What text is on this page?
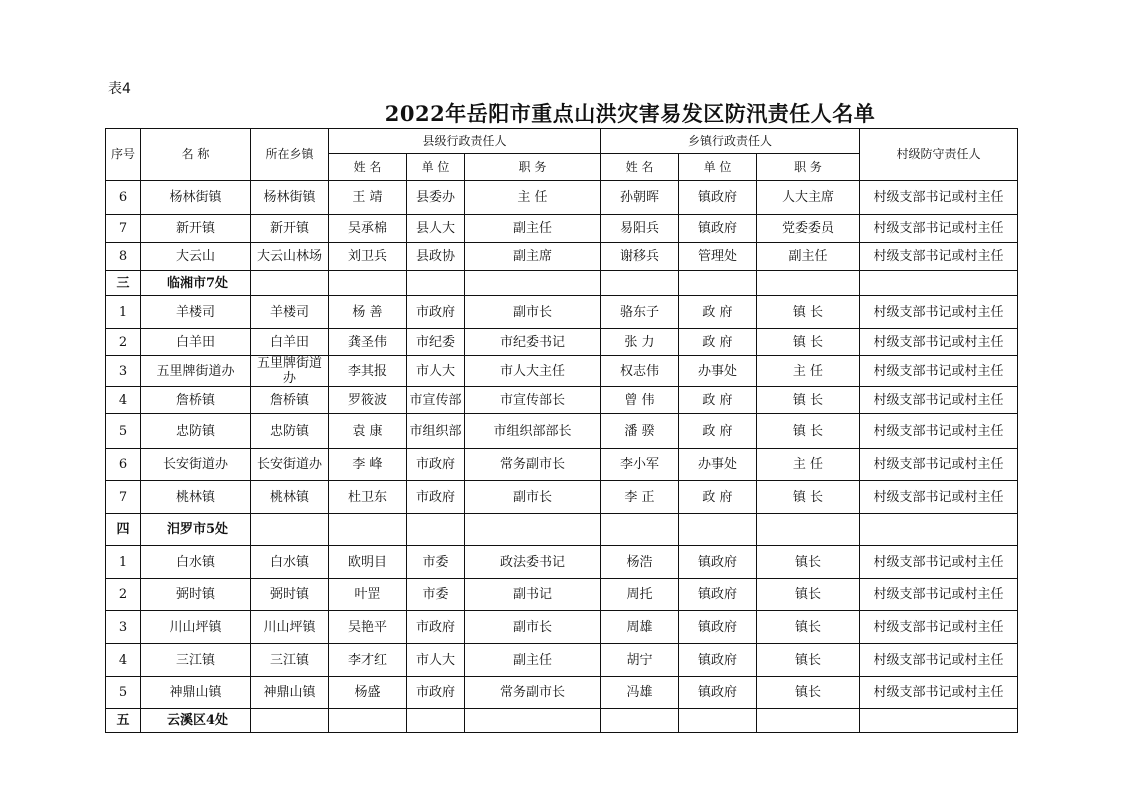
表4
2022年岳阳市重点山洪灾害易发区防汛责任人名单
序号	名 称	所在乡镇	县级行政责任人			乡镇行政责任人			村级防守责任人
			姓 名	单 位	职 务	姓 名	单 位	职 务	
6	杨林街镇	杨林街镇	王 靖	县委办	主 任	孙朝晖	镇政府	人大主席	村级支部书记或村主任
7	新开镇	新开镇	吴承棉	县人大	副主任	易阳兵	镇政府	党委委员	村级支部书记或村主任
8	大云山	大云山林场	刘卫兵	县政协	副主席	谢移兵	管理处	副主任	村级支部书记或村主任
三	临湘市7处								
1	羊楼司	羊楼司	杨 善	市政府	副市长	骆东子	政 府	镇 长	村级支部书记或村主任
2	白羊田	白羊田	龚圣伟	市纪委	市纪委书记	张 力	政 府	镇 长	村级支部书记或村主任
3	五里牌街道办	五里牌街道办	李其报	市人大	市人大主任	权志伟	办事处	主 任	村级支部书记或村主任
4	詹桥镇	詹桥镇	罗筱波	市宣传部	市宣传部长	曾 伟	政 府	镇 长	村级支部书记或村主任
5	忠防镇	忠防镇	袁 康	市组织部	市组织部部长	潘 骙	政 府	镇 长	村级支部书记或村主任
6	长安街道办	长安街道办	李 峰	市政府	常务副市长	李小军	办事处	主 任	村级支部书记或村主任
7	桃林镇	桃林镇	杜卫东	市政府	副市长	李 正	政 府	镇 长	村级支部书记或村主任
四	汨罗市5处								
1	白水镇	白水镇	欧明目	市委	政法委书记	杨浩	镇政府	镇长	村级支部书记或村主任
2	弼时镇	弼时镇	叶罡	市委	副书记	周托	镇政府	镇长	村级支部书记或村主任
3	川山坪镇	川山坪镇	吴艳平	市政府	副市长	周雄	镇政府	镇长	村级支部书记或村主任
4	三江镇	三江镇	李才红	市人大	副主任	胡宁	镇政府	镇长	村级支部书记或村主任
5	神鼎山镇	神鼎山镇	杨盛	市政府	常务副市长	冯雄	镇政府	镇长	村级支部书记或村主任
五	云溪区4处								
